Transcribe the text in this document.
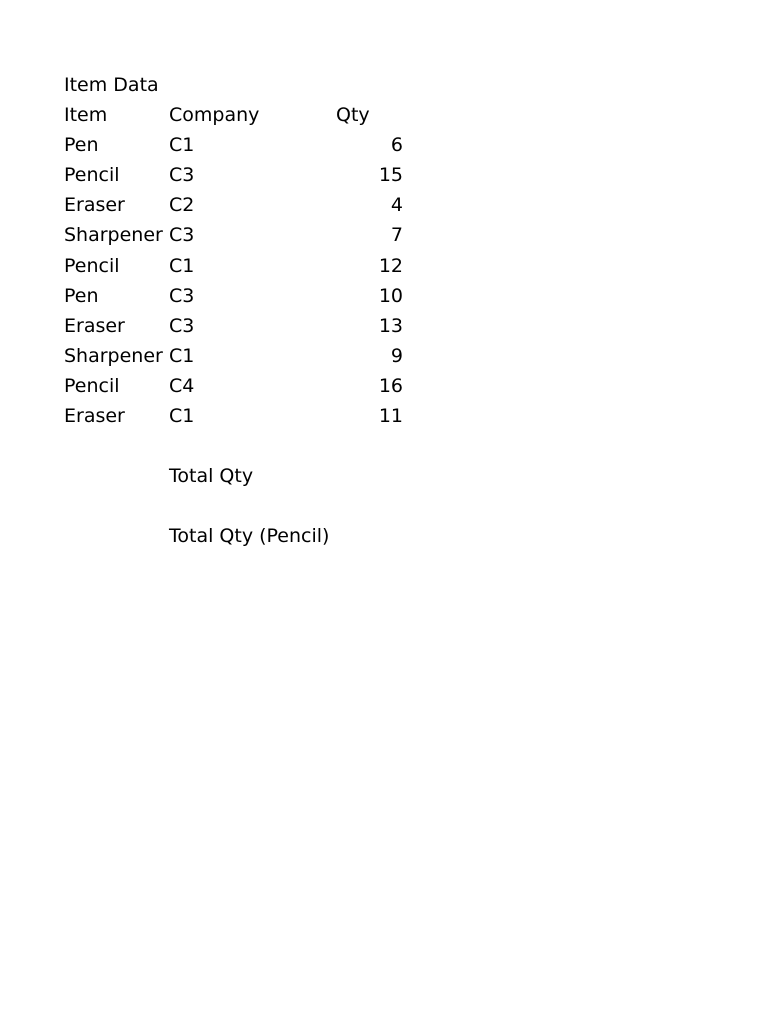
Item Data
Item	Company	Qty
Pen	C1	6
Pencil	C3	15
Eraser C2	4
Sharpener C3	7
Pencil	C1	12
Pen	C3	10
Eraser C3	13
Sharpener C1	9
Pencil	C4	16
Eraser C1	11
Total Qty
Total Qty (Pencil)
